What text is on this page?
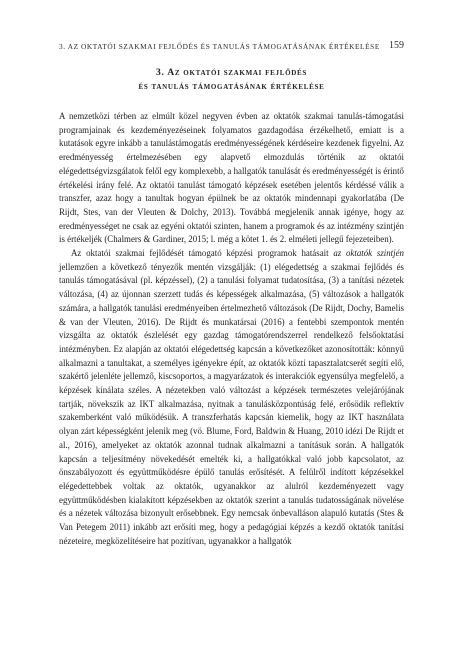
3. AZ OKTATÓI SZAKMAI FEJLŐDÉS ÉS TANULÁS TÁMOGATÁSÁNAK ÉRTÉKELÉSE 159
3. Az oktatói szakmai fejlődés
és tanulás támogatásának értékelése

A nemzetközi térben az elmúlt közel negyven évben az oktatók szakmai tanulás-támogatási programjainak és kezdeményezéseinek folyamatos gazdagodása érzékelhető, emiatt is a kutatások egyre inkább a tanulástámogatás eredményességének kérdéseire kezdenek figyelni. Az eredményesség értelmezésében egy alapvető elmozdulás történik az oktatói elégedettségvizsgálatok felől egy komplexebb, a hallgatók tanulását és eredményességét is érintő értékelési irány felé. Az oktatói tanulást támogató képzések esetében jelentős kérdéssé válik a transzfer, azaz hogy a tanultak hogyan épülnek be az oktatók mindennapi gyakorlatába (De Rijdt, Stes, van der Vleuten & Dolchy, 2013). Továbbá megjelenik annak igénye, hogy az eredményességet ne csak az egyéni oktatói szinten, hanem a programok és az intézmény szintjén is értékeljék (Chalmers & Gardiner, 2015; l. még a kötet 1. és 2. elméleti jellegű fejezeteiben).

Az oktatói szakmai fejlődését támogató képzési programok hatásait az oktatók szintjén jellemzően a következő tényezők mentén vizsgálják: (1) elégedettség a szakmai fejlődés és tanulás támogatásával (pl. képzéssel), (2) a tanulási folyamat tudatosítása, (3) a tanítási nézetek változása, (4) az újonnan szerzett tudás és képességek alkalmazása, (5) változások a hallgatók számára, a hallgatók tanulási eredményeiben értelmezhető változások (De Rijdt, Dochy, Bamelis & van der Vleuten, 2016). De Rijdt és munkatársai (2016) a fentebbi szempontok mentén vizsgálta az oktatók észlelését egy gazdag támogatórendszerrel rendelkező felsőoktatási intézményben. Ez alapján az oktatói elégedettség kapcsán a következőket azonosították: könnyű alkalmazni a tanultakat, a személyes igényekre épít, az oktatók közti tapasztalatcserét segíti elő, szakértő jelenléte jellemző, kiscsoportos, a magyarázatok és interakciók egyensúlya megfelelő, a képzések kínálata széles. A nézetekben való változást a képzések természetes velejárójának tartják, növekszik az IKT alkalmazása, nyitnak a tanulásközpontúság felé, erősödik reflektív szakemberként való működésük. A transzferhatás kapcsán kiemelik, hogy az IKT használata olyan zárt képességként jelenik meg (vö. Blume, Ford, Baldwin & Huang, 2010 idézi De Rijdt et al., 2016), amelyeket az oktatók azonnal tudnak alkalmazni a tanításuk során. A hallgatók kapcsán a teljesítmény növekedését emelték ki, a hallgatókkal való jobb kapcsolatot, az önszabályozott és együttműködésre épülő tanulás erősítését. A felülről indított képzésekkel elégedettebbek voltak az oktatók, ugyanakkor az alulról kezdeményezett vagy együttműködésben kialakított képzésekben az oktatók szerint a tanulás tudatosságának növelése és a nézetek változása bizonyult erősebbnek. Egy nemcsak önbevalláson alapuló kutatás (Stes & Van Petegem 2011) inkább azt erősíti meg, hogy a pedagógiai képzés a kezdő oktatók tanítási nézeteire, megközelítéseire hat pozitívan, ugyanakkor a hallgatók
